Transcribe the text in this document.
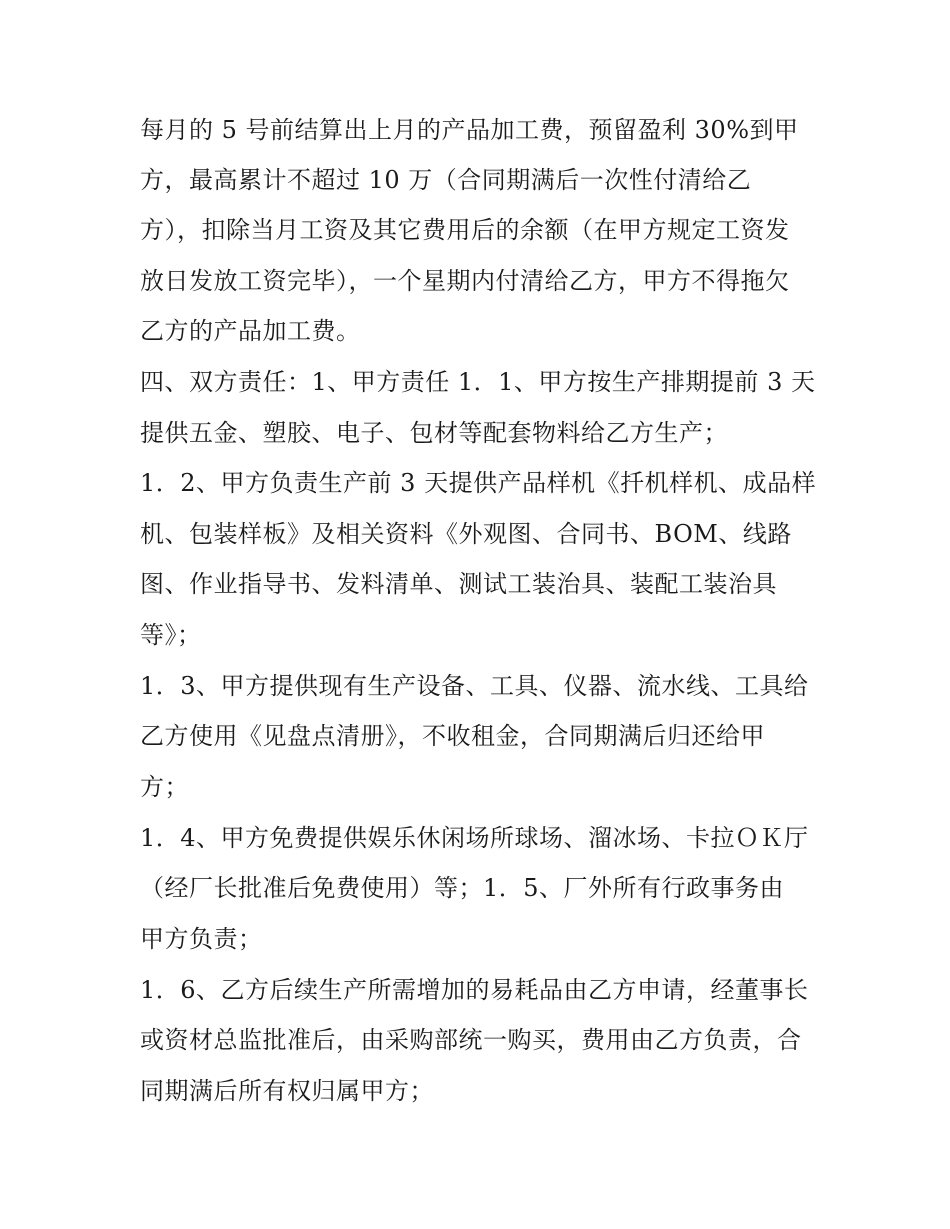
每月的 5 号前结算出上月的产品加工费，预留盈利 30%到甲
方，最高累计不超过 10 万（合同期满后一次性付清给乙
方），扣除当月工资及其它费用后的余额（在甲方规定工资发
放日发放工资完毕），一个星期内付清给乙方，甲方不得拖欠
乙方的产品加工费。
四、双方责任：1、甲方责任 1．1、甲方按生产排期提前 3 天
提供五金、塑胶、电子、包材等配套物料给乙方生产；
1．2、甲方负责生产前 3 天提供产品样机《扦机样机、成品样
机、包装样板》及相关资料《外观图、合同书、BOM、线路
图、作业指导书、发料清单、测试工装治具、装配工装治具
等》；
1．3、甲方提供现有生产设备、工具、仪器、流水线、工具给
乙方使用《见盘点清册》，不收租金，合同期满后归还给甲
方；
1．4、甲方免费提供娱乐休闲场所球场、溜冰场、卡拉ＯＫ厅
（经厂长批准后免费使用）等；1．5、厂外所有行政事务由
甲方负责；
1．6、乙方后续生产所需增加的易耗品由乙方申请，经董事长
或资材总监批准后，由采购部统一购买，费用由乙方负责，合
同期满后所有权归属甲方；
